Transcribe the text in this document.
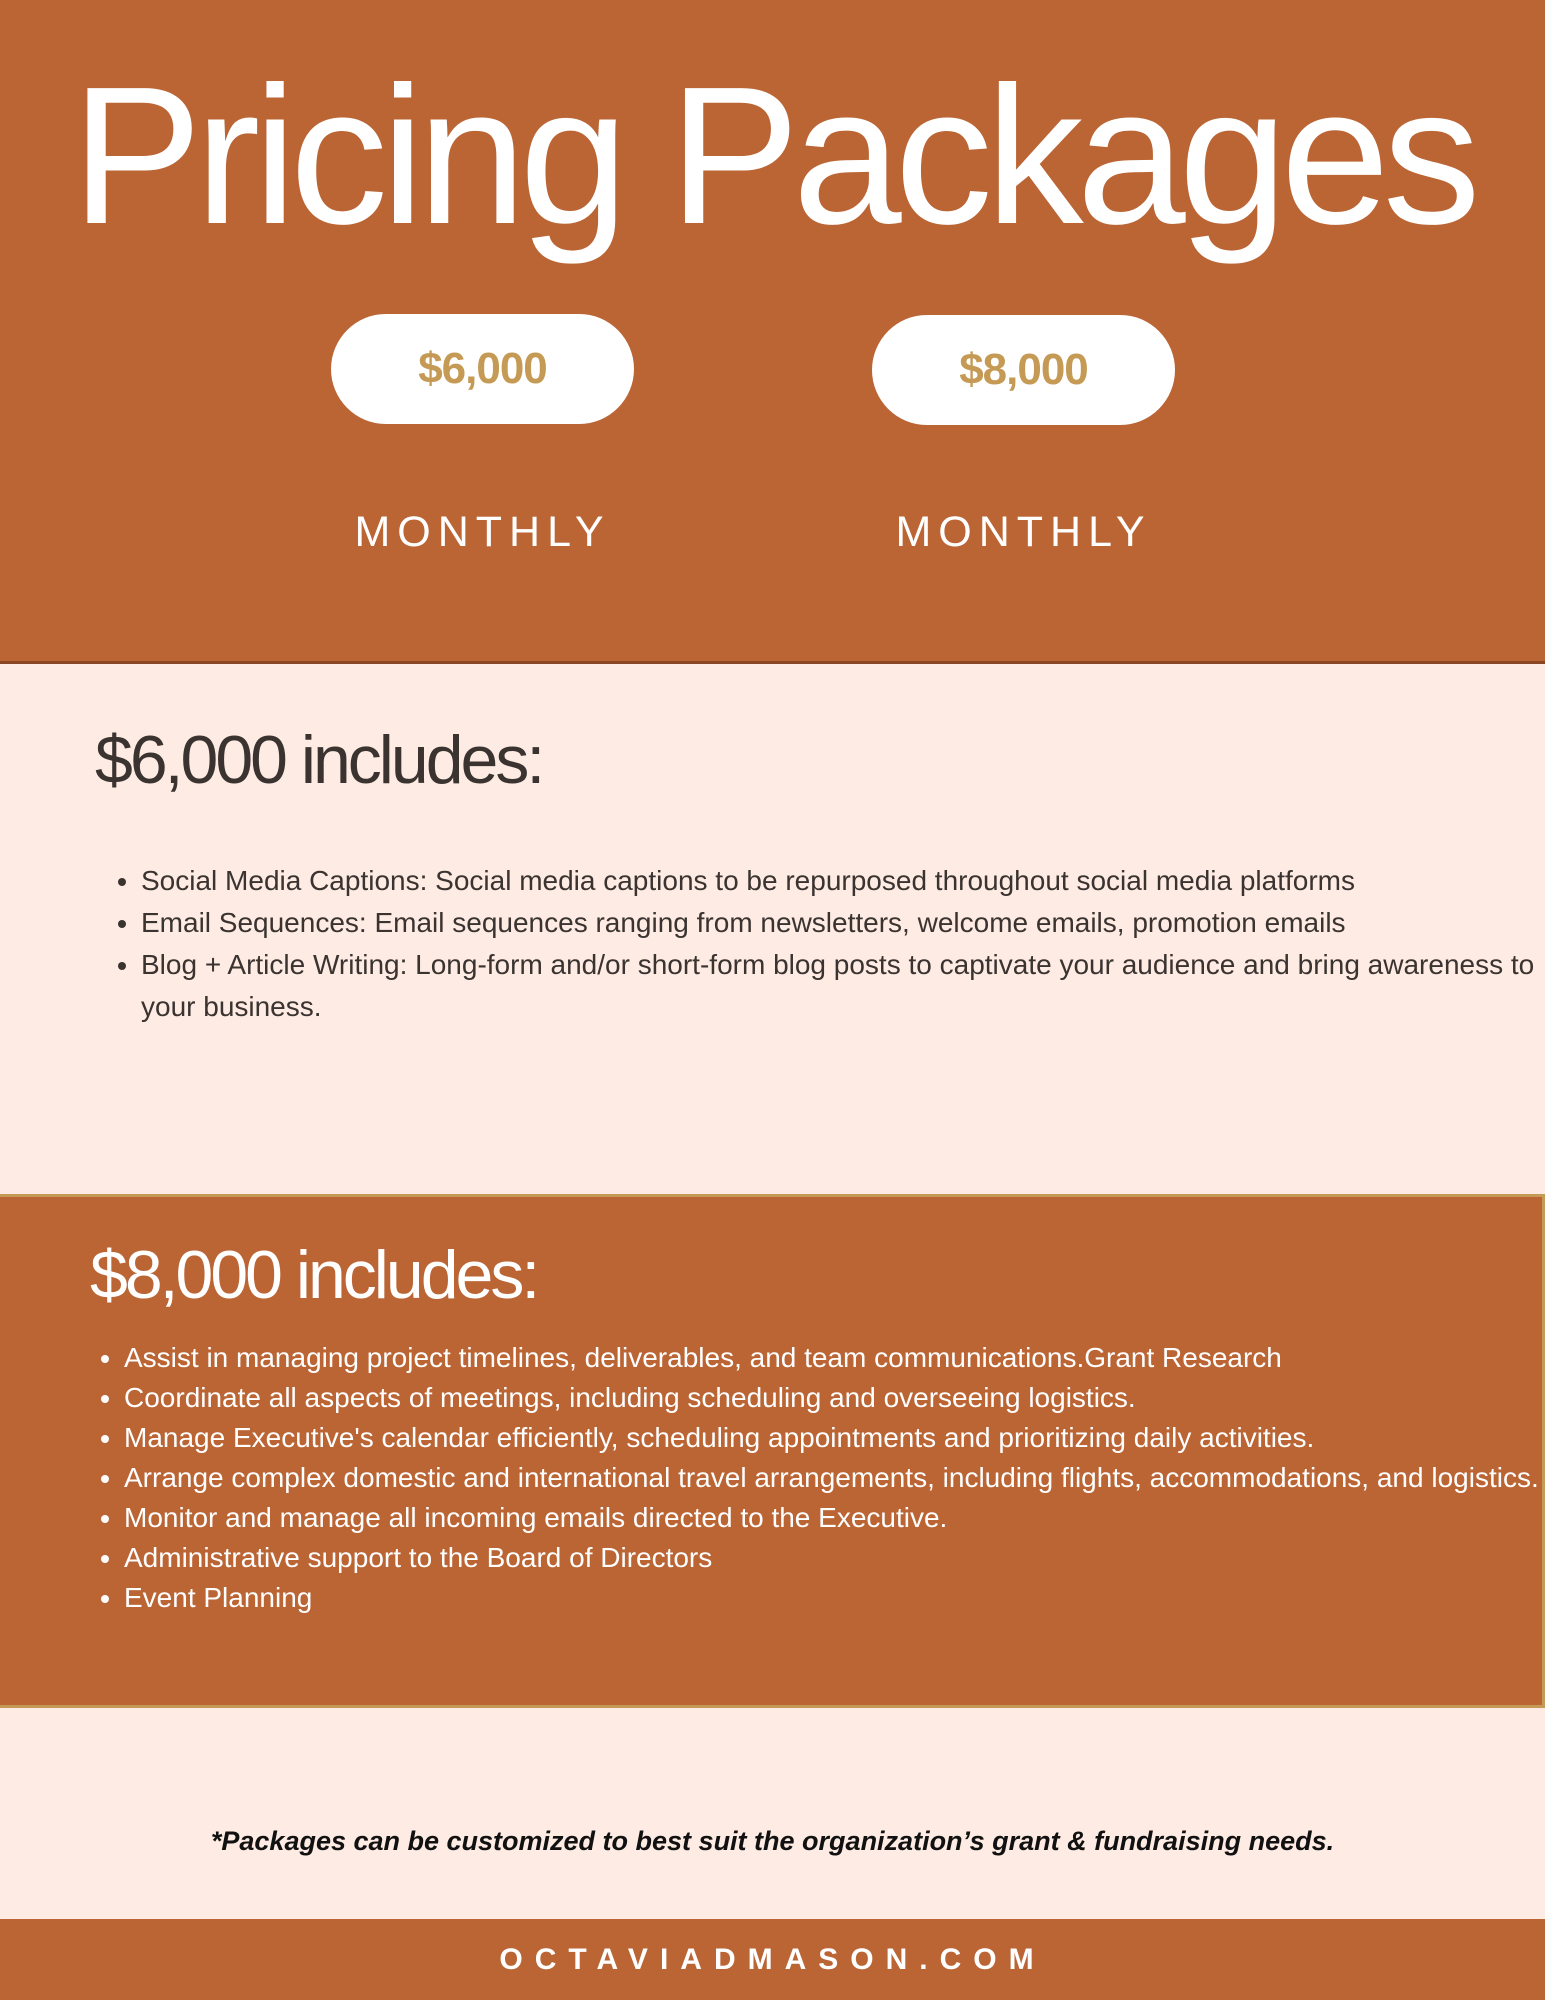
Pricing Packages
$6,000	$8,000
MONTHLY	MONTHLY
$6,000 includes:
• Social Media Captions: Social media captions to be repurposed throughout social media platforms
• Email Sequences: Email sequences ranging from newsletters, welcome emails, promotion emails
• Blog + Article Writing: Long-form and/or short-form blog posts to captivate your audience and bring awareness to your business.
$8,000 includes:
• Assist in managing project timelines, deliverables, and team communications.Grant Research
• Coordinate all aspects of meetings, including scheduling and overseeing logistics.
• Manage Executive's calendar efficiently, scheduling appointments and prioritizing daily activities.
• Arrange complex domestic and international travel arrangements, including flights, accommodations, and logistics.
• Monitor and manage all incoming emails directed to the Executive.
• Administrative support to the Board of Directors
• Event Planning
*Packages can be customized to best suit the organization’s grant & fundraising needs.
OCTAVIADMASON.COM
